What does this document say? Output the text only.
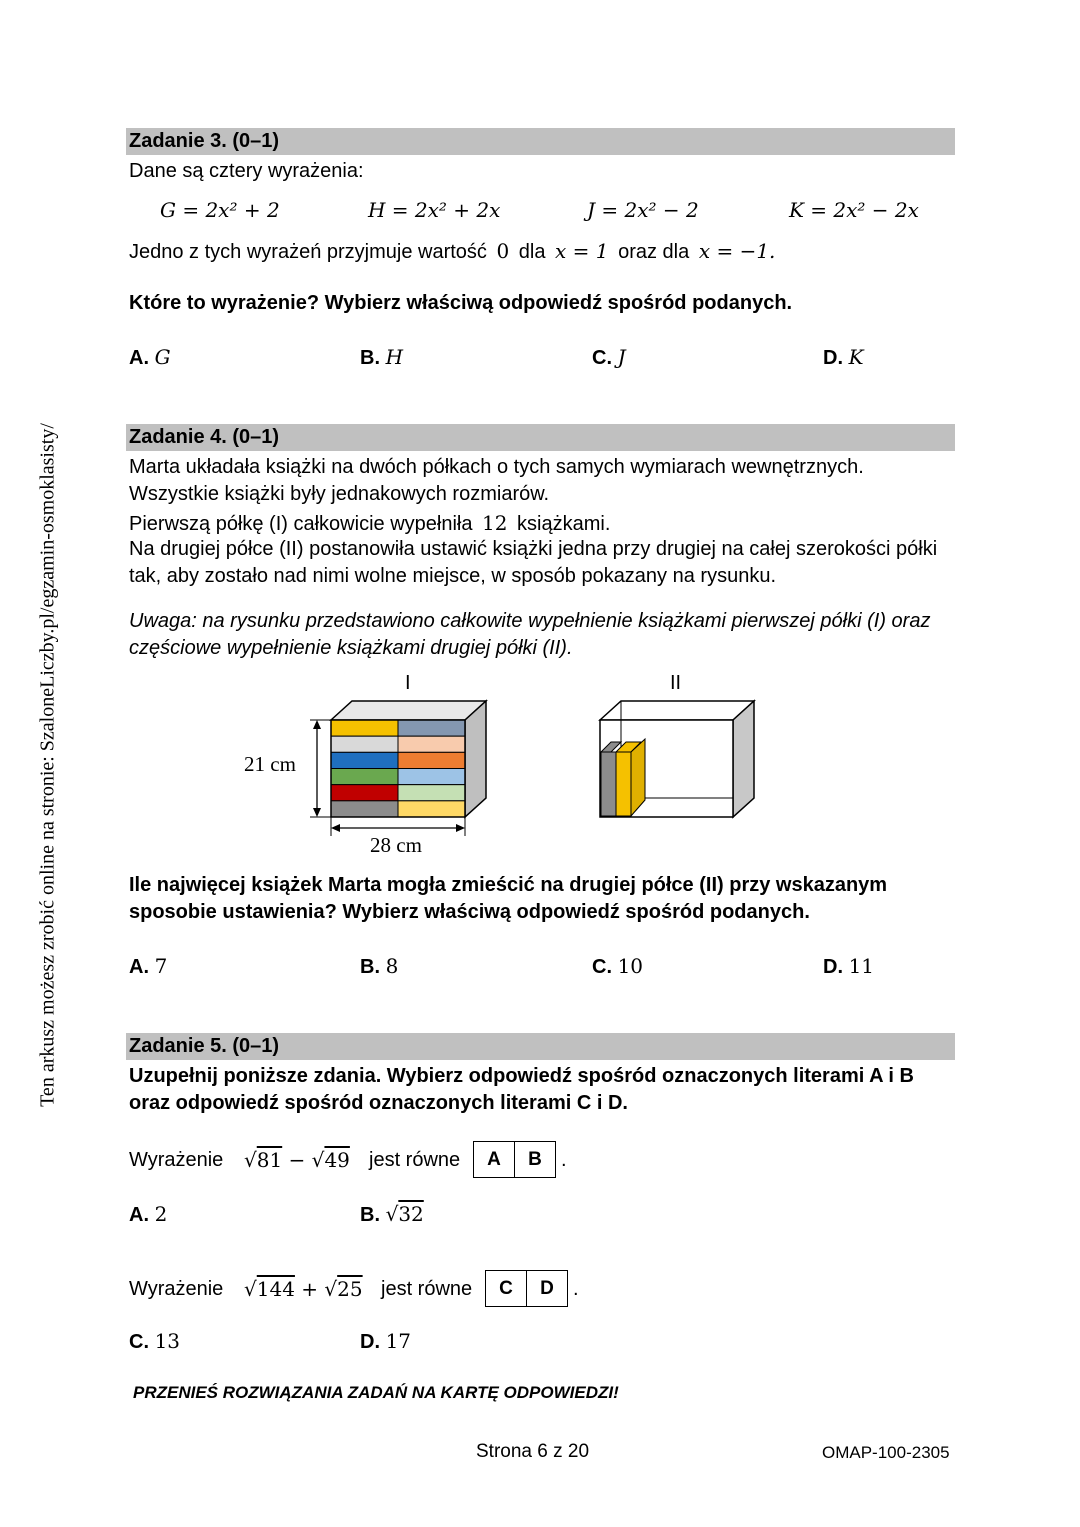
Ten arkusz możesz zrobić online na stronie: SzaloneLiczby.pl/egzamin-osmoklasisty/
Zadanie 3. (0–1)
Dane są cztery wyrażenia:
G = 2x² + 2	H = 2x² + 2x	J = 2x² − 2	K = 2x² − 2x
Jedno z tych wyrażeń przyjmuje wartość 0 dla x = 1 oraz dla x = −1.
Które to wyrażenie? Wybierz właściwą odpowiedź spośród podanych.
A. G	B. H	C. J	D. K
Zadanie 4. (0–1)
Marta układała książki na dwóch półkach o tych samych wymiarach wewnętrznych.
Wszystkie książki były jednakowych rozmiarów.
Pierwszą półkę (I) całkowicie wypełniła 12 książkami.
Na drugiej półce (II) postanowiła ustawić książki jedna przy drugiej na całej szerokości półki
tak, aby zostało nad nimi wolne miejsce, w sposób pokazany na rysunku.
Uwaga: na rysunku przedstawiono całkowite wypełnienie książkami pierwszej półki (I) oraz
częściowe wypełnienie książkami drugiej półki (II).
I	II
21 cm
28 cm
Ile najwięcej książek Marta mogła zmieścić na drugiej półce (II) przy wskazanym
sposobie ustawienia? Wybierz właściwą odpowiedź spośród podanych.
A. 7	B. 8	C. 10	D. 11
Zadanie 5. (0–1)
Uzupełnij poniższe zdania. Wybierz odpowiedź spośród oznaczonych literami A i B
oraz odpowiedź spośród oznaczonych literami C i D.
Wyrażenie √81 − √49 jest równe	A	B .
A. 2	B. √32
Wyrażenie √144 + √25 jest równe	C	D .
C. 13	D. 17
PRZENIEŚ ROZWIĄZANIA ZADAŃ NA KARTĘ ODPOWIEDZI!
Strona 6 z 20	OMAP-100-2305
